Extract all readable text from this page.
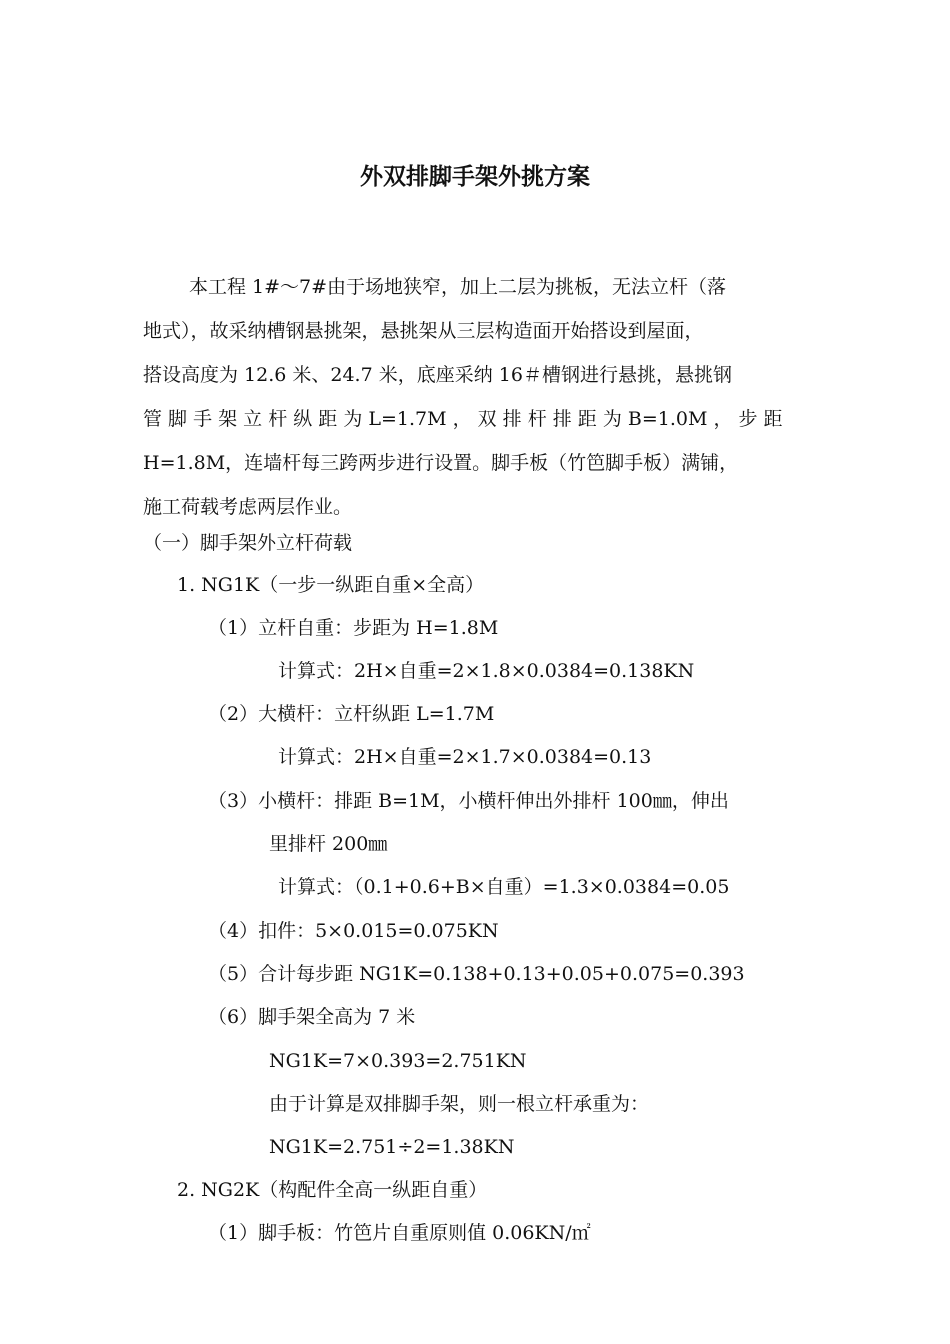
外双排脚手架外挑方案

本工程 1#～7#由于场地狭窄，加上二层为挑板，无法立杆（落

地式），故采纳槽钢悬挑架，悬挑架从三层构造面开始搭设到屋面，

搭设高度为 12.6 米、24.7 米，底座采纳 16＃槽钢进行悬挑，悬挑钢

管 脚 手 架 立 杆 纵 距 为 L=1.7M ， 双 排 杆 排 距 为 B=1.0M ， 步 距

H=1.8M，连墙杆每三跨两步进行设置。脚手板（竹笆脚手板）满铺，

施工荷载考虑两层作业。

（一）脚手架外立杆荷载
1. NG1K（一步一纵距自重×全高）
（1）立杆自重：步距为 H=1.8M
计算式：2H×自重=2×1.8×0.0384=0.138KN
（2）大横杆：立杆纵距 L=1.7M
计算式：2H×自重=2×1.7×0.0384=0.13
（3）小横杆：排距 B=1M，小横杆伸出外排杆 100㎜，伸出
里排杆 200㎜
计算式：（0.1+0.6+B×自重）=1.3×0.0384=0.05
（4）扣件：5×0.015=0.075KN
（5）合计每步距 NG1K=0.138+0.13+0.05+0.075=0.393
（6）脚手架全高为 7 米
NG1K=7×0.393=2.751KN
由于计算是双排脚手架，则一根立杆承重为：
NG1K=2.751÷2=1.38KN
2. NG2K（构配件全高一纵距自重）
（1）脚手板：竹笆片自重原则值 0.06KN/㎡
